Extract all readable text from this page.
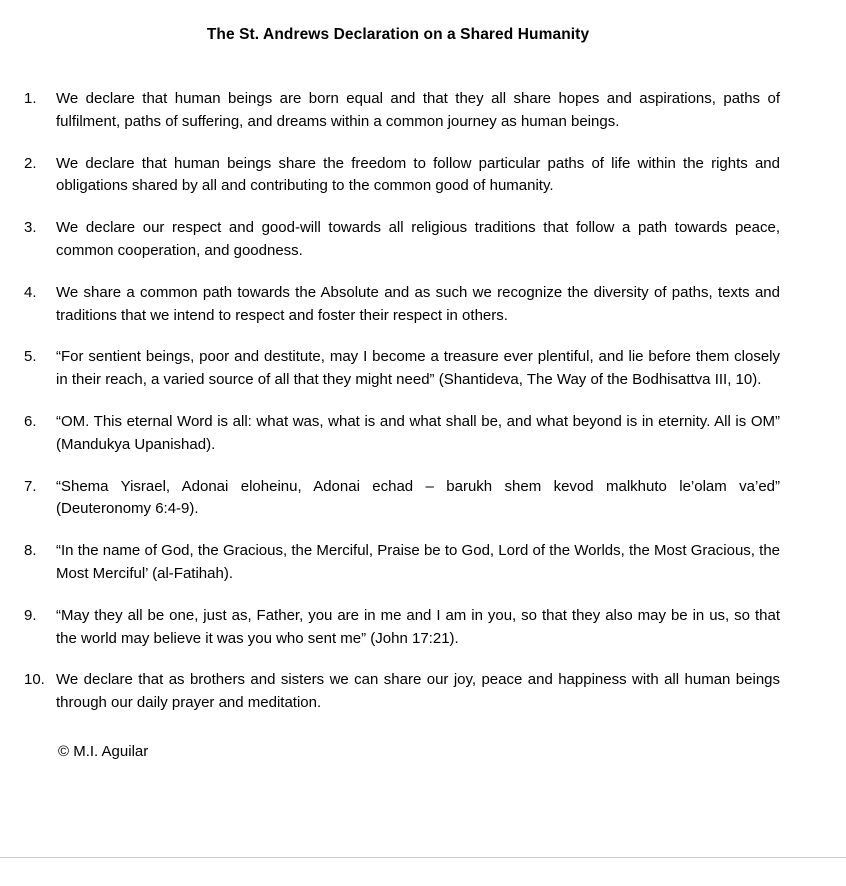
The St. Andrews Declaration on a Shared Humanity
1.	We declare that human beings are born equal and that they all share hopes and aspirations, paths of fulfilment, paths of suffering, and dreams within a common journey as human beings.
2.	We declare that human beings share the freedom to follow particular paths of life within the rights and obligations shared by all and contributing to the common good of humanity.
3.	We declare our respect and good-will towards all religious traditions that follow a path towards peace, common cooperation, and goodness.
4.	We share a common path towards the Absolute and as such we recognize the diversity of paths, texts and traditions that we intend to respect and foster their respect in others.
5.	“For sentient beings, poor and destitute, may I become a treasure ever plentiful, and lie before them closely in their reach, a varied source of all that they might need” (Shantideva, The Way of the Bodhisattva III, 10).
6.	“OM. This eternal Word is all: what was, what is and what shall be, and what beyond is in eternity. All is OM” (Mandukya Upanishad).
7.	“Shema Yisrael, Adonai eloheinu, Adonai echad – barukh shem kevod malkhuto le’olam va’ed” (Deuteronomy 6:4-9).
8.	“In the name of God, the Gracious, the Merciful, Praise be to God, Lord of the Worlds, the Most Gracious, the Most Merciful’ (al-Fatihah).
9.	“May they all be one, just as, Father, you are in me and I am in you, so that they also may be in us, so that the world may believe it was you who sent me” (John 17:21).
10. We declare that as brothers and sisters we can share our joy, peace and happiness with all human beings through our daily prayer and meditation.
© M.I. Aguilar
